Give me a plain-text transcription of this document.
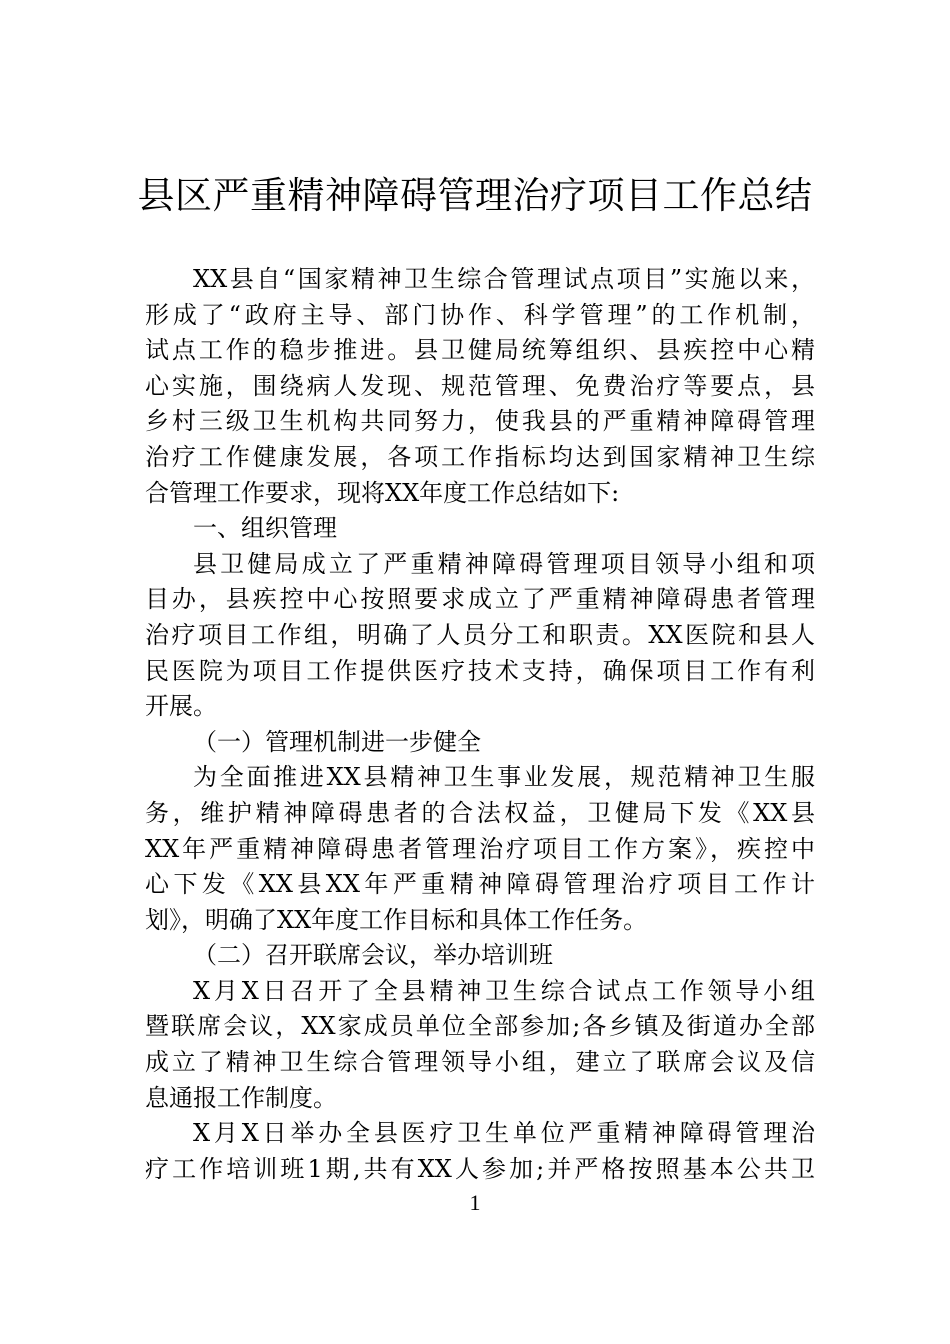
县区严重精神障碍管理治疗项目工作总结
XX县自“国家精神卫生综合管理试点项目”实施以来，
形成了“政府主导、部门协作、科学管理”的工作机制，
试点工作的稳步推进。县卫健局统筹组织、县疾控中心精
心实施，围绕病人发现、规范管理、免费治疗等要点，县
乡村三级卫生机构共同努力，使我县的严重精神障碍管理
治疗工作健康发展，各项工作指标均达到国家精神卫生综
合管理工作要求，现将XX年度工作总结如下:
一、组织管理
县卫健局成立了严重精神障碍管理项目领导小组和项
目办，县疾控中心按照要求成立了严重精神障碍患者管理
治疗项目工作组，明确了人员分工和职责。XX医院和县人
民医院为项目工作提供医疗技术支持，确保项目工作有利
开展。
（一）管理机制进一步健全
为全面推进XX县精神卫生事业发展，规范精神卫生服
务，维护精神障碍患者的合法权益，卫健局下发《XX县
XX年严重精神障碍患者管理治疗项目工作方案》，疾控中
心下发《XX县XX年严重精神障碍管理治疗项目工作计
划》，明确了XX年度工作目标和具体工作任务。
（二）召开联席会议，举办培训班
X月X日召开了全县精神卫生综合试点工作领导小组
暨联席会议，XX家成员单位全部参加;各乡镇及街道办全部
成立了精神卫生综合管理领导小组，建立了联席会议及信
息通报工作制度。
X月X日举办全县医疗卫生单位严重精神障碍管理治
疗工作培训班1期,共有XX人参加;并严格按照基本公共卫
1
